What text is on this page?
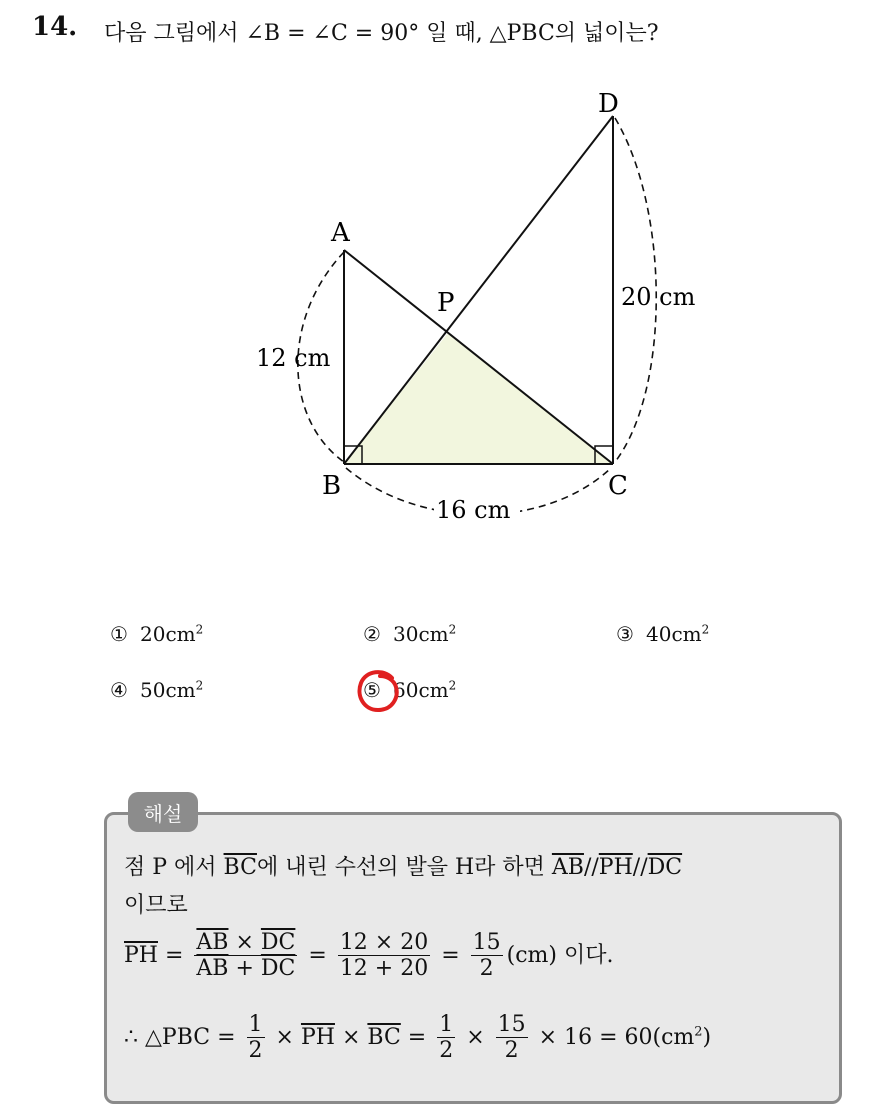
14. 다음 그림에서 ∠B = ∠C = 90° 일 때, △PBC의 넓이는?
A
B	C
D
P
12 cm
16 cm
20 cm
① $20cm^2$	② $30cm^2$	③ $40cm^2$
④ $50cm^2$	⑤ $60cm^2$
해설
점 P 에서 $\overline{BC}$에 내린 수선의 발을 H라 하면 $\overline{AB}//\overline{PH}//\overline{DC}$
이므로
$\overline{PH} = \frac{\overline{AB} \times \overline{DC}}{\overline{AB} + \overline{DC}} = \frac{12 \times 20}{12 + 20} = \frac{15}{2} (cm)$ 이다.
∴ △PBC = $\frac{1}{2} \times \overline{PH} \times \overline{BC} = \frac{1}{2} \times \frac{15}{2} \times 16 = 60(cm^2)$
